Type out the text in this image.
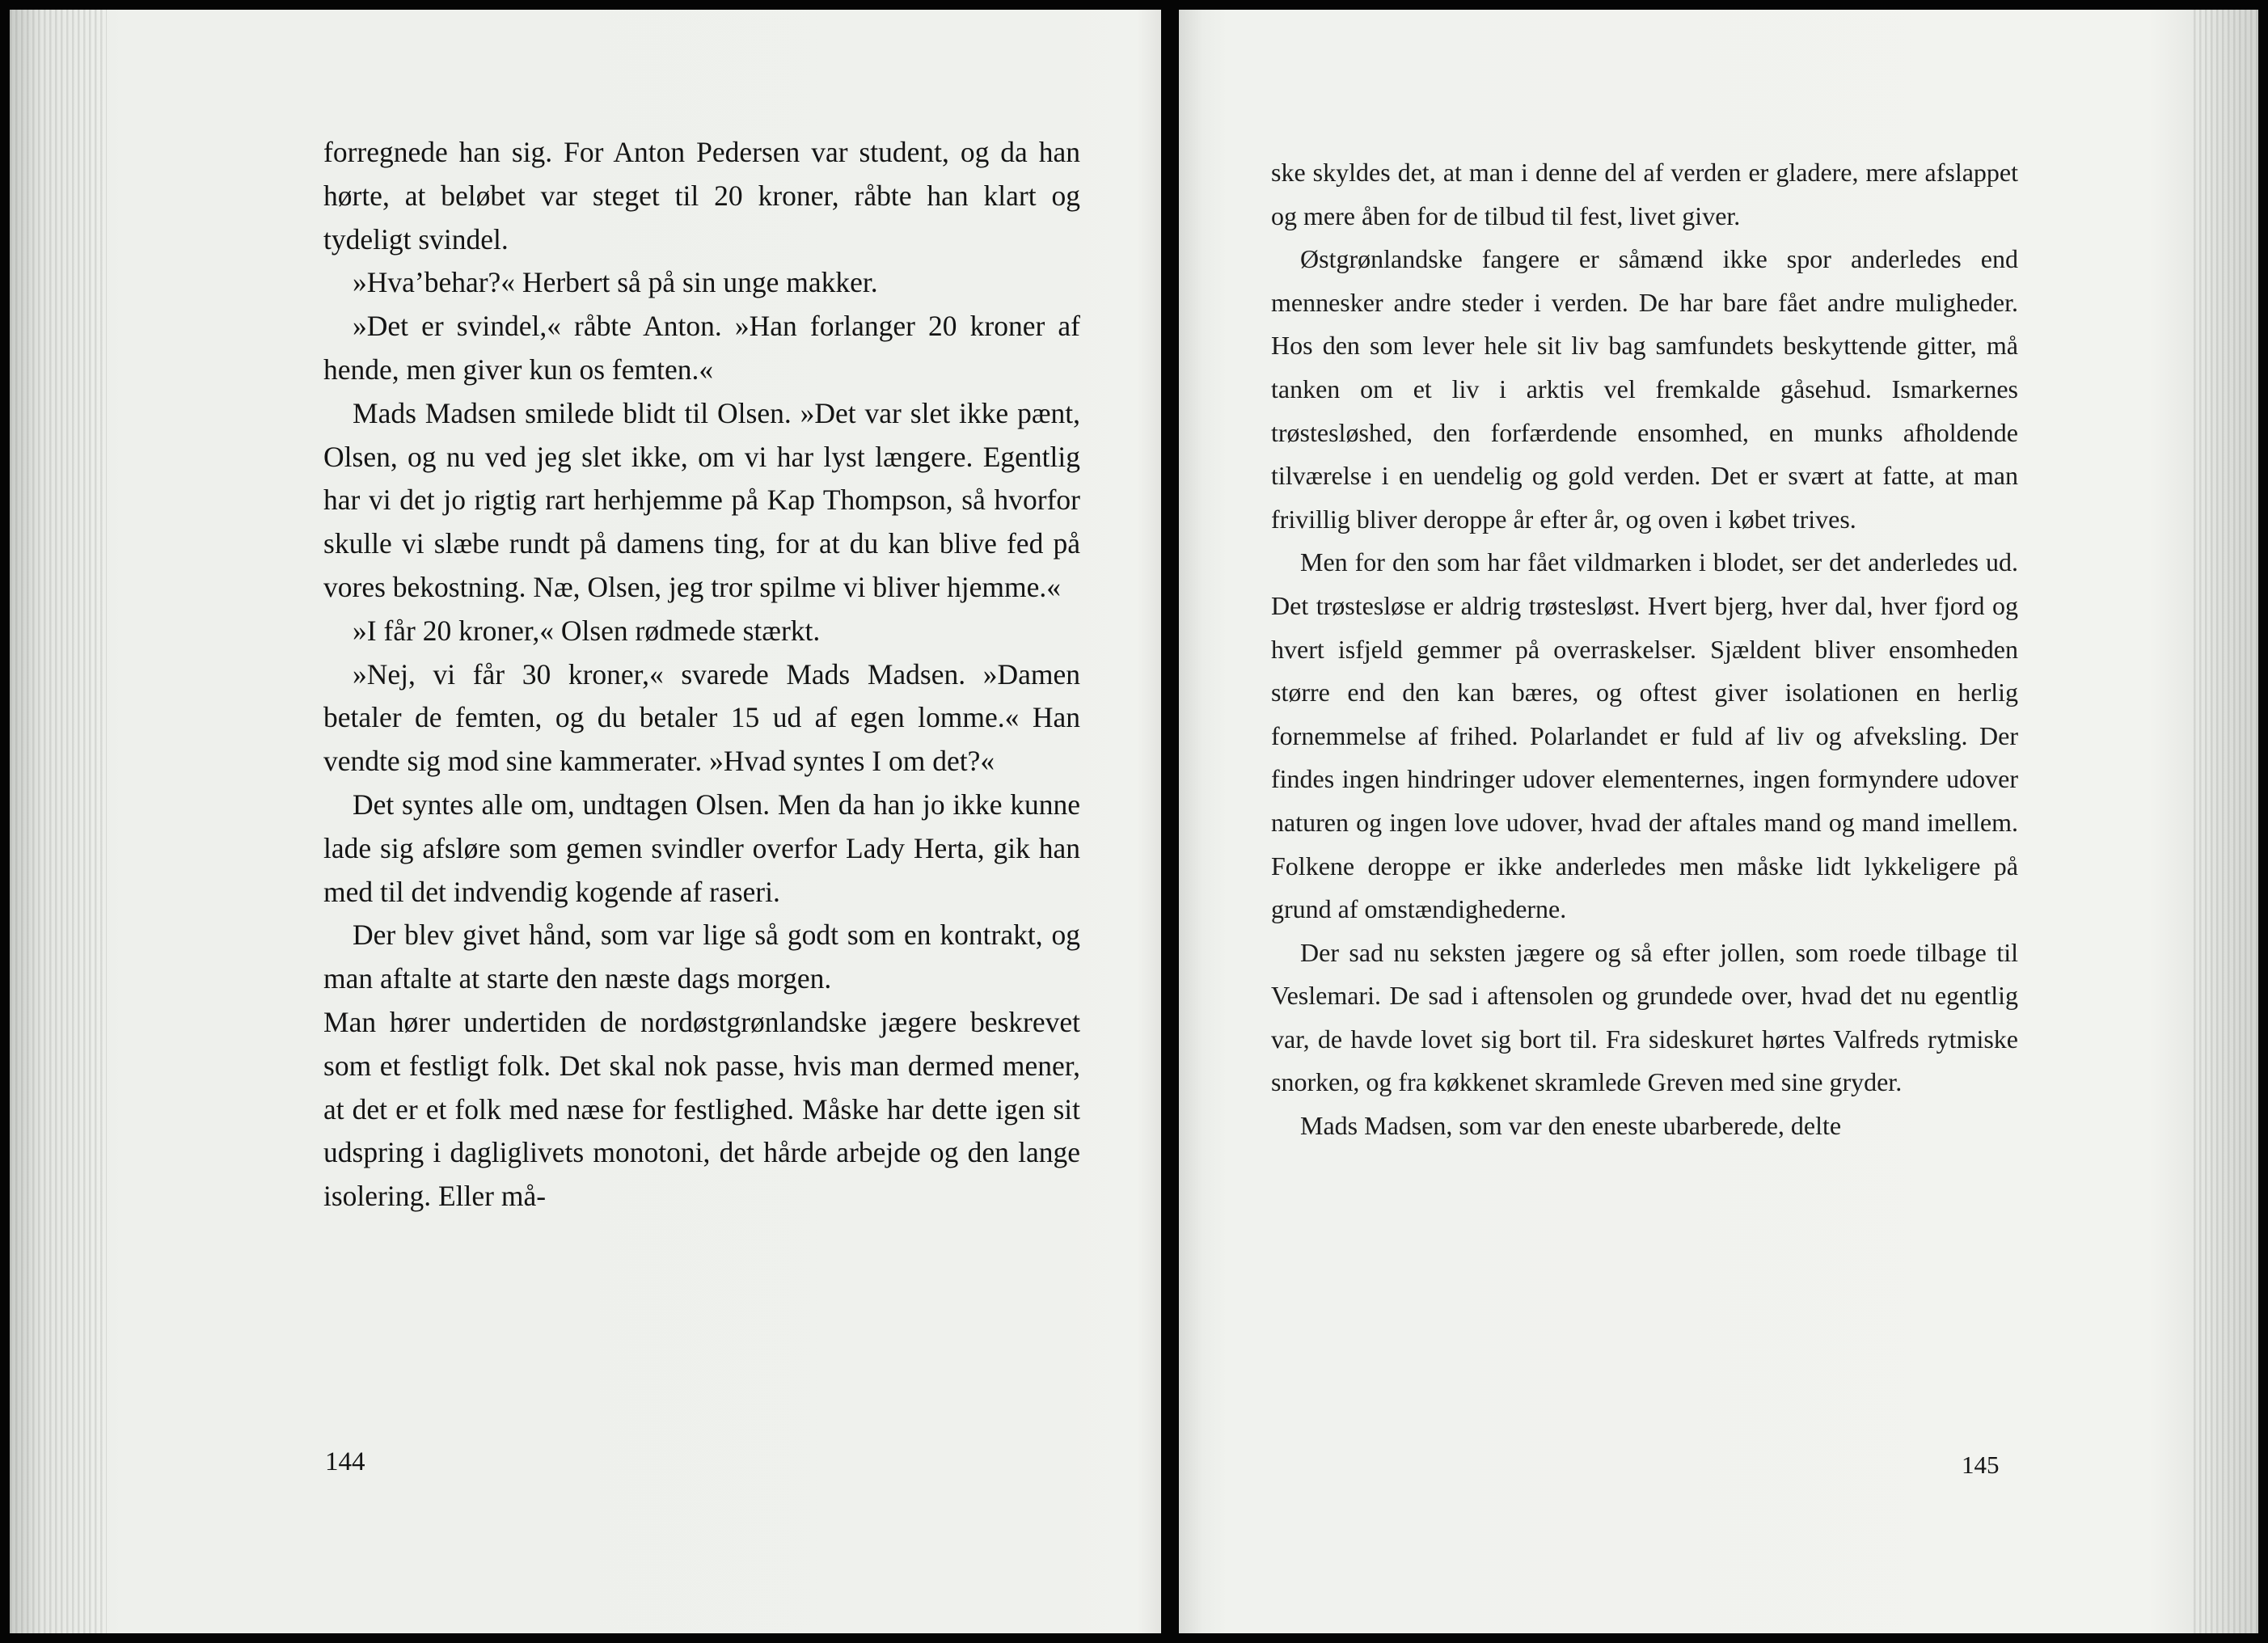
forregnede han sig. For Anton Pedersen var student, og da han hørte, at beløbet var steget til 20 kroner, råbte han klart og tydeligt svindel.

»Hva’behar?« Herbert så på sin unge makker.

»Det er svindel,« råbte Anton. »Han forlanger 20 kroner af hende, men giver kun os femten.«

Mads Madsen smilede blidt til Olsen. »Det var slet ikke pænt, Olsen, og nu ved jeg slet ikke, om vi har lyst længere. Egentlig har vi det jo rigtig rart herhjemme på Kap Thompson, så hvorfor skulle vi slæbe rundt på damens ting, for at du kan blive fed på vores bekostning. Næ, Olsen, jeg tror spilme vi bliver hjemme.«

»I får 20 kroner,« Olsen rødmede stærkt.

»Nej, vi får 30 kroner,« svarede Mads Madsen. »Damen betaler de femten, og du betaler 15 ud af egen lomme.« Han vendte sig mod sine kammerater. »Hvad syntes I om det?«

Det syntes alle om, undtagen Olsen. Men da han jo ikke kunne lade sig afsløre som gemen svindler overfor Lady Herta, gik han med til det indvendig kogende af raseri.

Der blev givet hånd, som var lige så godt som en kontrakt, og man aftalte at starte den næste dags morgen.

Man hører undertiden de nordøstgrønlandske jægere beskrevet som et festligt folk. Det skal nok passe, hvis man dermed mener, at det er et folk med næse for festlighed. Måske har dette igen sit udspring i dagliglivets monotoni, det hårde arbejde og den lange isolering. Eller må-

144

ske skyldes det, at man i denne del af verden er gladere, mere afslappet og mere åben for de tilbud til fest, livet giver.

Østgrønlandske fangere er såmænd ikke spor anderledes end mennesker andre steder i verden. De har bare fået andre muligheder. Hos den som lever hele sit liv bag samfundets beskyttende gitter, må tanken om et liv i arktis vel fremkalde gåsehud. Ismarkernes trøstesløshed, den forfærdende ensomhed, en munks afholdende tilværelse i en uendelig og gold verden. Det er svært at fatte, at man frivillig bliver deroppe år efter år, og oven i købet trives.

Men for den som har fået vildmarken i blodet, ser det anderledes ud. Det trøstesløse er aldrig trøstesløst. Hvert bjerg, hver dal, hver fjord og hvert isfjeld gemmer på overraskelser. Sjældent bliver ensomheden større end den kan bæres, og oftest giver isolationen en herlig fornemmelse af frihed. Polarlandet er fuld af liv og afveksling. Der findes ingen hindringer udover elementernes, ingen formyndere udover naturen og ingen love udover, hvad der aftales mand og mand imellem. Folkene deroppe er ikke anderledes men måske lidt lykkeligere på grund af omstændighederne.

Der sad nu seksten jægere og så efter jollen, som roede tilbage til Veslemari. De sad i aftensolen og grundede over, hvad det nu egentlig var, de havde lovet sig bort til. Fra sideskuret hørtes Valfreds rytmiske snorken, og fra køkkenet skramlede Greven med sine gryder.

Mads Madsen, som var den eneste ubarberede, delte

145
